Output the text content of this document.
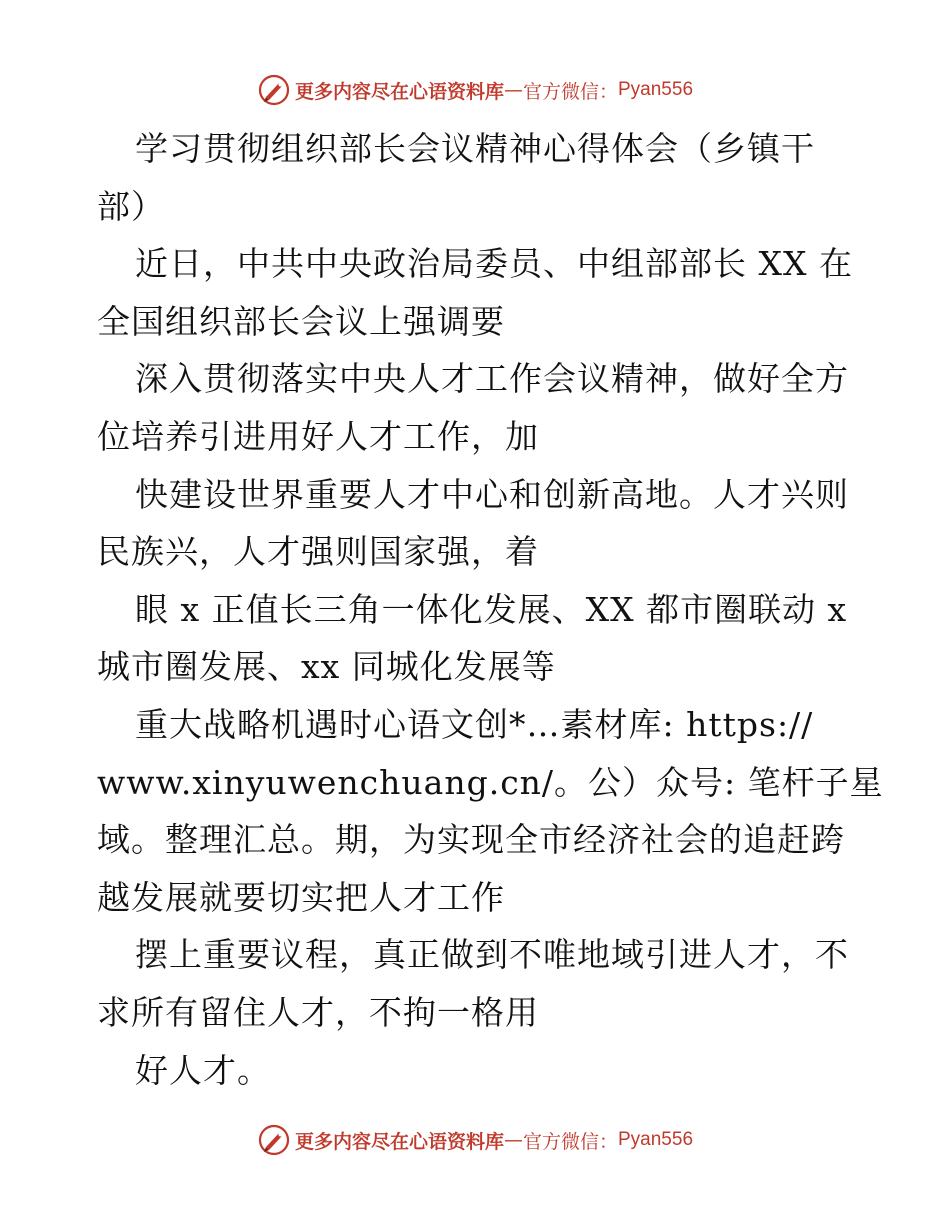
更多内容尽在心语资料库 — 官方微信： Pyan556
学习贯彻组织部长会议精神心得体会（乡镇干
部）
近日，中共中央政治局委员、中组部部长 XX 在
全国组织部长会议上强调要
深入贯彻落实中央人才工作会议精神，做好全方
位培养引进用好人才工作，加
快建设世界重要人才中心和创新高地。人才兴则
民族兴，人才强则国家强，着
眼 x 正值长三角一体化发展、XX 都市圈联动 x
城市圈发展、xx 同城化发展等
重大战略机遇时心语文创*…素材库: https://
www.xinyuwenchuang.cn/。公）众号: 笔杆子星
域。整理汇总。期，为实现全市经济社会的追赶跨
越发展就要切实把人才工作
摆上重要议程，真正做到不唯地域引进人才，不
求所有留住人才，不拘一格用
好人才。
更多内容尽在心语资料库 — 官方微信： Pyan556
